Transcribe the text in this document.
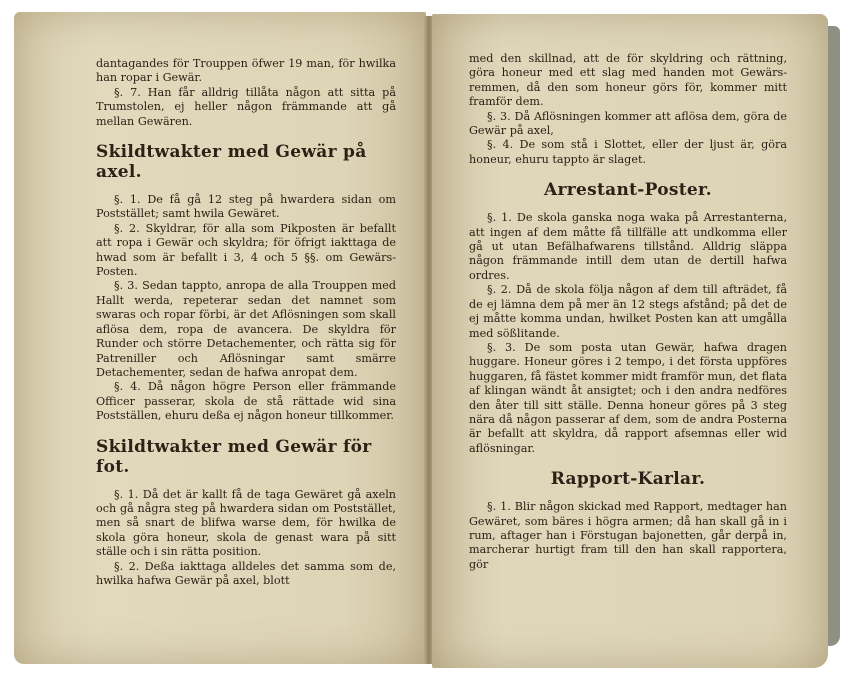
dantagandes för Trouppen öfwer 19 man, för hwilka han ropar i Gewär.

§. 7. Han får alldrig tillåta någon att sitta på Trumstolen, ej heller någon främmande att gå mellan Gewären.

Skildtwakter med Gewär på axel.

§. 1. De få gå 12 steg på hwardera sidan om Poststället; samt hwila Gewäret.

§. 2. Skyldrar, för alla som Pikposten är befallt att ropa i Gewär och skyldra; för öfrigt iakttaga de hwad som är befallt i 3, 4 och 5 §§. om Gewärs-Posten.

§. 3. Sedan tappto, anropa de alla Trouppen med Hallt werda, repeterar sedan det namnet som swaras och ropar förbi, är det Aflösningen som skall aflösa dem, ropa de avancera. De skyldra för Runder och större Detachementer, och rätta sig för Patreniller och Aflösningar samt smärre Detachementer, sedan de hafwa anropat dem.

§. 4. Då någon högre Person eller främmande Officer passerar, skola de stå rättade wid sina Postställen, ehuru deßa ej någon honeur tillkommer.

Skildtwakter med Gewär för fot.

§. 1. Då det är kallt få de taga Gewäret gå axeln och gå några steg på hwardera sidan om Poststället, men så snart de blifwa warse dem, för hwilka de skola göra honeur, skola de genast wara på sitt ställe och i sin rätta position.

§. 2. Deßa iakttaga alldeles det samma som de, hwilka hafwa Gewär på axel, blott

med den skillnad, att de för skyldring och rättning, göra honeur med ett slag med handen mot Gewärs-remmen, då den som honeur görs för, kommer mitt framför dem.

§. 3. Då Aflösningen kommer att aflösa dem, göra de Gewär på axel,

§. 4. De som stå i Slottet, eller der ljust är, göra honeur, ehuru tappto är slaget.

Arrestant-Poster.

§. 1. De skola ganska noga waka på Arrestanterna, att ingen af dem måtte få tillfälle att undkomma eller gå ut utan Befälhafwarens tillstånd. Alldrig släppa någon främmande intill dem utan de dertill hafwa ordres.

§. 2. Då de skola följa någon af dem till afträdet, få de ej lämna dem på mer än 12 stegs afstånd; på det de ej måtte komma undan, hwilket Posten kan att umgålla med sößlitande.

§. 3. De som posta utan Gewär, hafwa dragen huggare. Honeur göres i 2 tempo, i det första uppföres huggaren, få fästet kommer midt framför mun, det flata af klingan wändt åt ansigtet; och i den andra nedföres den åter till sitt ställe. Denna honeur göres på 3 steg nära då någon passerar af dem, som de andra Posterna är befallt att skyldra, då rapport afsemnas eller wid aflösningar.

Rapport-Karlar.

§. 1. Blir någon skickad med Rapport, medtager han Gewäret, som bäres i högra armen; då han skall gå in i rum, aftager han i Förstugan bajonetten, går derpå in, marcherar hurtigt fram till den han skall rapportera, gör
